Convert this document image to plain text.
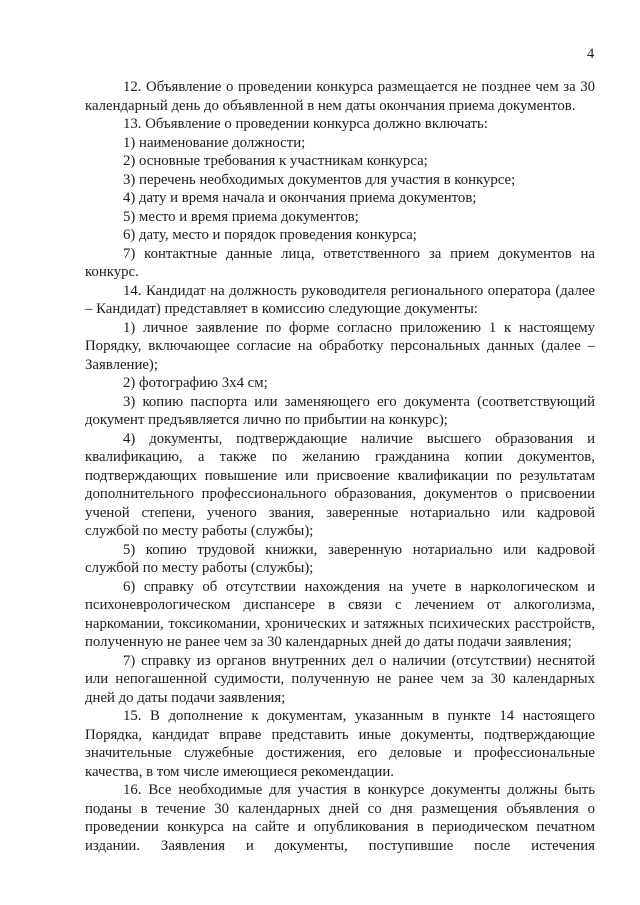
4

12. Объявление о проведении конкурса размещается не позднее чем за 30 календарный день до объявленной в нем даты окончания приема документов.

13. Объявление о проведении конкурса должно включать:

1) наименование должности;

2) основные требования к участникам конкурса;

3) перечень необходимых документов для участия в конкурсе;

4) дату и время начала и окончания приема документов;

5) место и время приема документов;

6) дату, место и порядок проведения конкурса;

7) контактные данные лица, ответственного за прием документов на конкурс.

14. Кандидат на должность руководителя регионального оператора (далее – Кандидат) представляет в комиссию следующие документы:

1) личное заявление по форме согласно приложению 1 к настоящему Порядку, включающее согласие на обработку персональных данных (далее – Заявление);

2) фотографию 3x4 см;

3) копию паспорта или заменяющего его документа (соответствующий документ предъявляется лично по прибытии на конкурс);

4) документы, подтверждающие наличие высшего образования и квалификацию, а также по желанию гражданина копии документов, подтверждающих повышение или присвоение квалификации по результатам дополнительного профессионального образования, документов о присвоении ученой степени, ученого звания, заверенные нотариально или кадровой службой по месту работы (службы);

5) копию трудовой книжки, заверенную нотариально или кадровой службой по месту работы (службы);

6) справку об отсутствии нахождения на учете в наркологическом и психоневрологическом диспансере в связи с лечением от алкоголизма, наркомании, токсикомании, хронических и затяжных психических расстройств, полученную не ранее чем за 30 календарных дней до даты подачи заявления;

7) справку из органов внутренних дел о наличии (отсутствии) неснятой или непогашенной судимости, полученную не ранее чем за 30 календарных дней до даты подачи заявления;

15. В дополнение к документам, указанным в пункте 14 настоящего Порядка, кандидат вправе представить иные документы, подтверждающие значительные служебные достижения, его деловые и профессиональные качества, в том числе имеющиеся рекомендации.

16. Все необходимые для участия в конкурсе документы должны быть поданы в течение 30 календарных дней со дня размещения объявления о проведении конкурса на сайте и опубликования в периодическом печатном издании. Заявления и документы, поступившие после истечения
